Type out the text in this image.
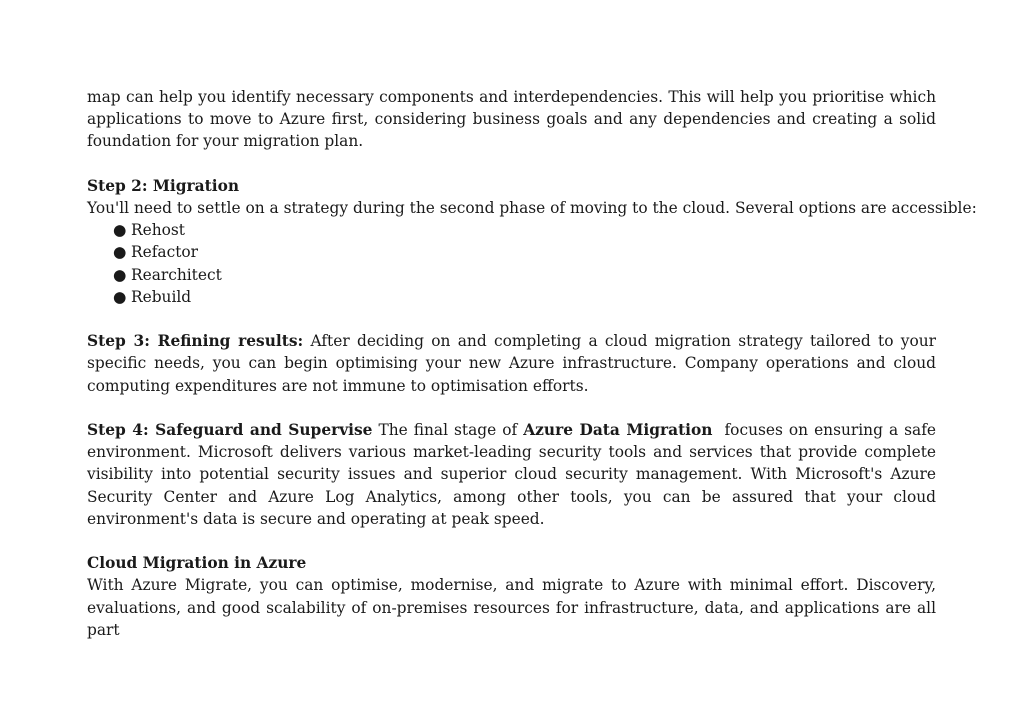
map can help you identify necessary components and interdependencies. This will help you prioritise which applications to move to Azure first, considering business goals and any dependencies and creating a solid foundation for your migration plan.

Step 2: Migration

You'll need to settle on a strategy during the second phase of moving to the cloud. Several options are accessible:

● Rehost
● Refactor
● Rearchitect
● Rebuild

Step 3: Refining results: After deciding on and completing a cloud migration strategy tailored to your specific needs, you can begin optimising your new Azure infrastructure. Company operations and cloud computing expenditures are not immune to optimisation efforts.

Step 4: Safeguard and Supervise The final stage of Azure Data Migration  focuses on ensuring a safe environment. Microsoft delivers various market-leading security tools and services that provide complete visibility into potential security issues and superior cloud security management. With Microsoft's Azure Security Center and Azure Log Analytics, among other tools, you can be assured that your cloud environment's data is secure and operating at peak speed.

Cloud Migration in Azure

With Azure Migrate, you can optimise, modernise, and migrate to Azure with minimal effort. Discovery, evaluations, and good scalability of on-premises resources for infrastructure, data, and applications are all part
